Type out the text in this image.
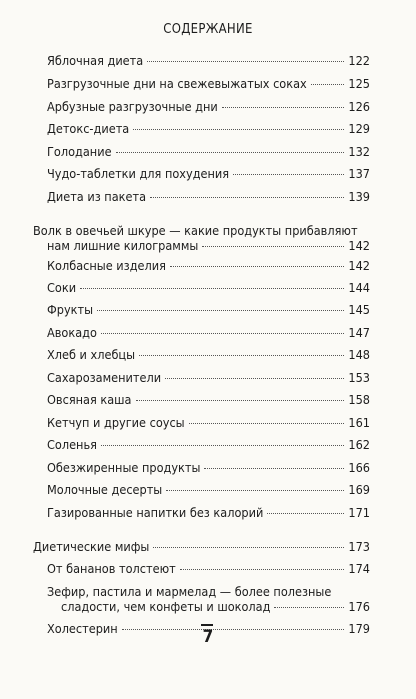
СОДЕРЖАНИЕ
Яблочная диета	122
Разгрузочные дни на свежевыжатых соках	125
Арбузные разгрузочные дни	126
Детокс-диета	129
Голодание	132
Чудо-таблетки для похудения	137
Диета из пакета	139
Волк в овечьей шкуре — какие продукты прибавляют
нам лишние килограммы	142
Колбасные изделия	142
Соки	144
Фрукты	145
Авокадо	147
Хлеб и хлебцы	148
Сахарозаменители	153
Овсяная каша	158
Кетчуп и другие соусы	161
Соленья	162
Обезжиренные продукты	166
Молочные десерты	169
Газированные напитки без калорий	171
Диетические мифы	173
От бананов толстеют	174
Зефир, пастила и мармелад — более полезные
сладости, чем конфеты и шоколад	176
Холестерин	179
7
